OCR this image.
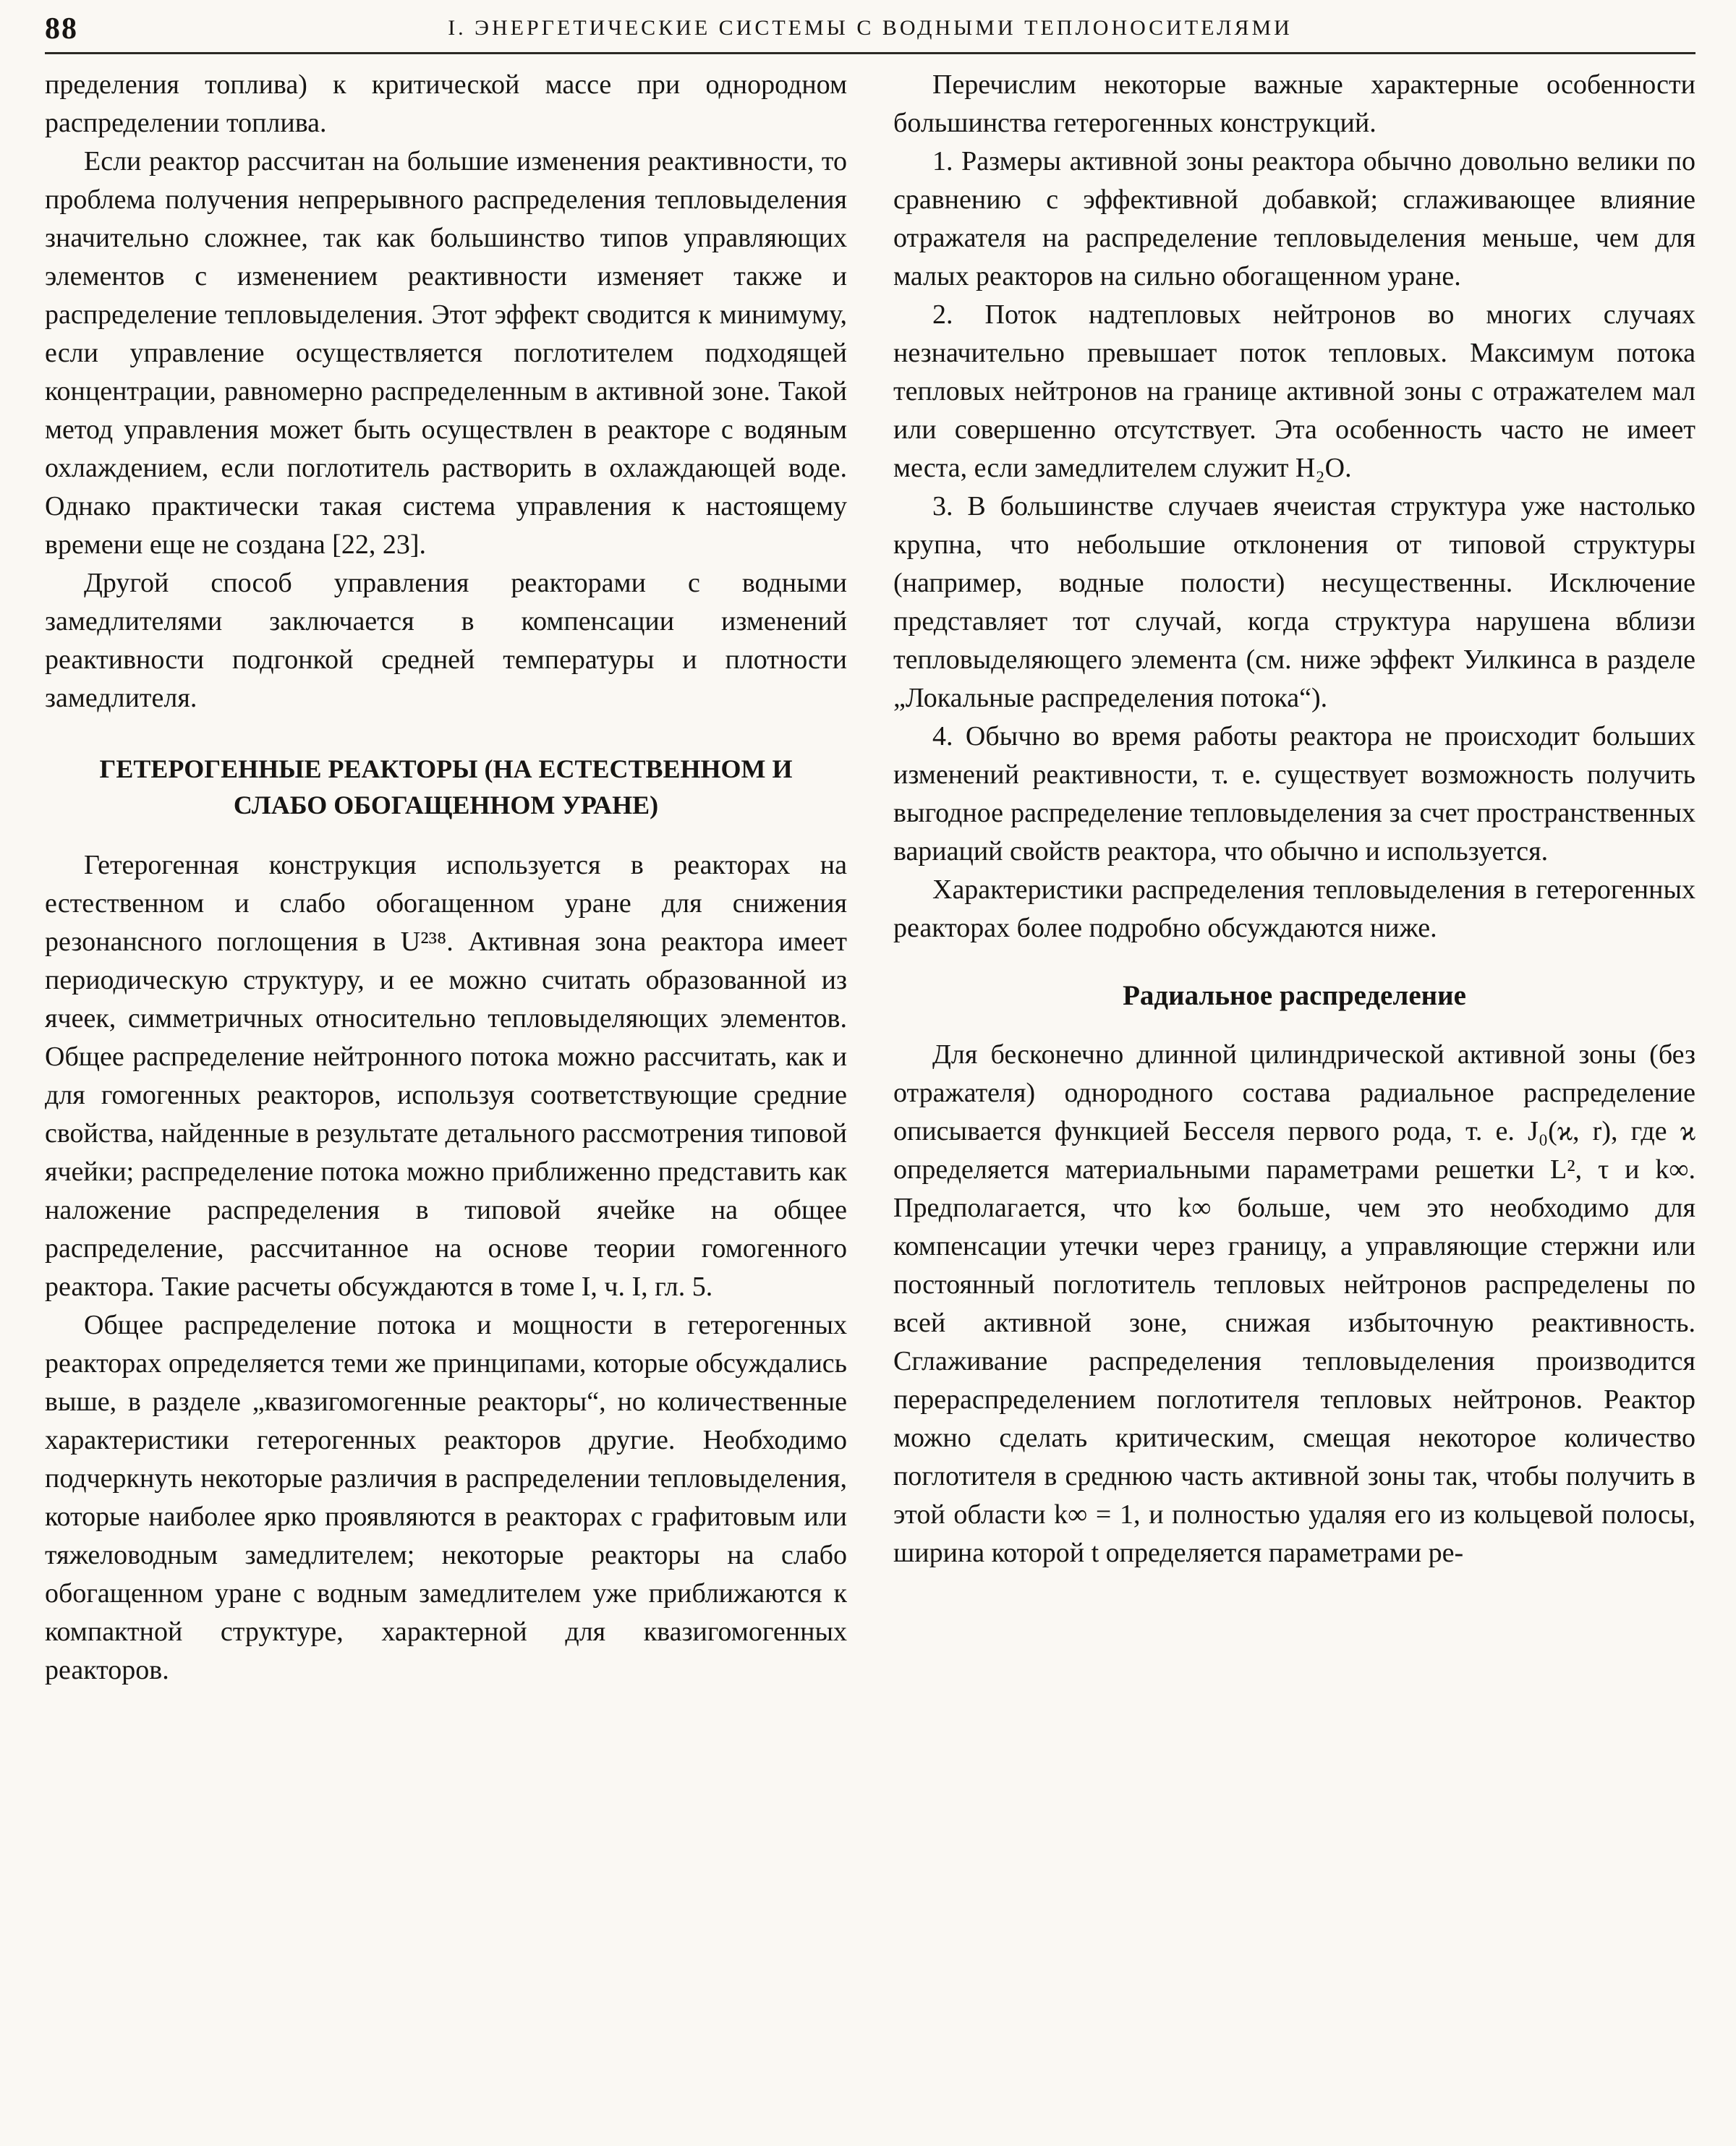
88	I. ЭНЕРГЕТИЧЕСКИЕ СИСТЕМЫ С ВОДНЫМИ ТЕПЛОНОСИТЕЛЯМИ

пределения топлива) к критической массе при однородном распределении топлива.

Если реактор рассчитан на большие изменения реактивности, то проблема получения непрерывного распределения тепловыделения значительно сложнее, так как большинство типов управляющих элементов с изменением реактивности изменяет также и распределение тепловыделения. Этот эффект сводится к минимуму, если управление осуществляется поглотителем подходящей концентрации, равномерно распределенным в активной зоне. Такой метод управления может быть осуществлен в реакторе с водяным охлаждением, если поглотитель растворить в охлаждающей воде. Однако практически такая система управления к настоящему времени еще не создана [22, 23].

Другой способ управления реакторами с водными замедлителями заключается в компенсации изменений реактивности подгонкой средней температуры и плотности замедлителя.

ГЕТЕРОГЕННЫЕ РЕАКТОРЫ (НА ЕСТЕСТВЕННОМ И СЛАБО ОБОГАЩЕННОМ УРАНЕ)

Гетерогенная конструкция используется в реакторах на естественном и слабо обогащенном уране для снижения резонансного поглощения в U²³⁸. Активная зона реактора имеет периодическую структуру, и ее можно считать образованной из ячеек, симметричных относительно тепловыделяющих элементов. Общее распределение нейтронного потока можно рассчитать, как и для гомогенных реакторов, используя соответствующие средние свойства, найденные в результате детального рассмотрения типовой ячейки; распределение потока можно приближенно представить как наложение распределения в типовой ячейке на общее распределение, рассчитанное на основе теории гомогенного реактора. Такие расчеты обсуждаются в томе I, ч. I, гл. 5.

Общее распределение потока и мощности в гетерогенных реакторах определяется теми же принципами, которые обсуждались выше, в разделе „квазигомогенные реакторы“, но количественные характеристики гетерогенных реакторов другие. Необходимо подчеркнуть некоторые различия в распределении тепловыделения, которые наиболее ярко проявляются в реакторах с графитовым или тяжеловодным замедлителем; некоторые реакторы на слабо обогащенном уране с водным замедлителем уже приближаются к компактной структуре, характерной для квазигомогенных реакторов.

Перечислим некоторые важные характерные особенности большинства гетерогенных конструкций.

1. Размеры активной зоны реактора обычно довольно велики по сравнению с эффективной добавкой; сглаживающее влияние отражателя на распределение тепловыделения меньше, чем для малых реакторов на сильно обогащенном уране.

2. Поток надтепловых нейтронов во многих случаях незначительно превышает поток тепловых. Максимум потока тепловых нейтронов на границе активной зоны с отражателем мал или совершенно отсутствует. Эта особенность часто не имеет места, если замедлителем служит H₂O.

3. В большинстве случаев ячеистая структура уже настолько крупна, что небольшие отклонения от типовой структуры (например, водные полости) несущественны. Исключение представляет тот случай, когда структура нарушена вблизи тепловыделяющего элемента (см. ниже эффект Уилкинса в разделе „Локальные распределения потока“).

4. Обычно во время работы реактора не происходит больших изменений реактивности, т. е. существует возможность получить выгодное распределение тепловыделения за счет пространственных вариаций свойств реактора, что обычно и используется.

Характеристики распределения тепловыделения в гетерогенных реакторах более подробно обсуждаются ниже.

Радиальное распределение

Для бесконечно длинной цилиндрической активной зоны (без отражателя) однородного состава радиальное распределение описывается функцией Бесселя первого рода, т. е. J₀(ϰ, r), где ϰ определяется материальными параметрами решетки L², τ и k∞. Предполагается, что k∞ больше, чем это необходимо для компенсации утечки через границу, а управляющие стержни или постоянный поглотитель тепловых нейтронов распределены по всей активной зоне, снижая избыточную реактивность. Сглаживание распределения тепловыделения производится перераспределением поглотителя тепловых нейтронов. Реактор можно сделать критическим, смещая некоторое количество поглотителя в среднюю часть активной зоны так, чтобы получить в этой области k∞ = 1, и полностью удаляя его из кольцевой полосы, ширина которой t определяется параметрами ре-
